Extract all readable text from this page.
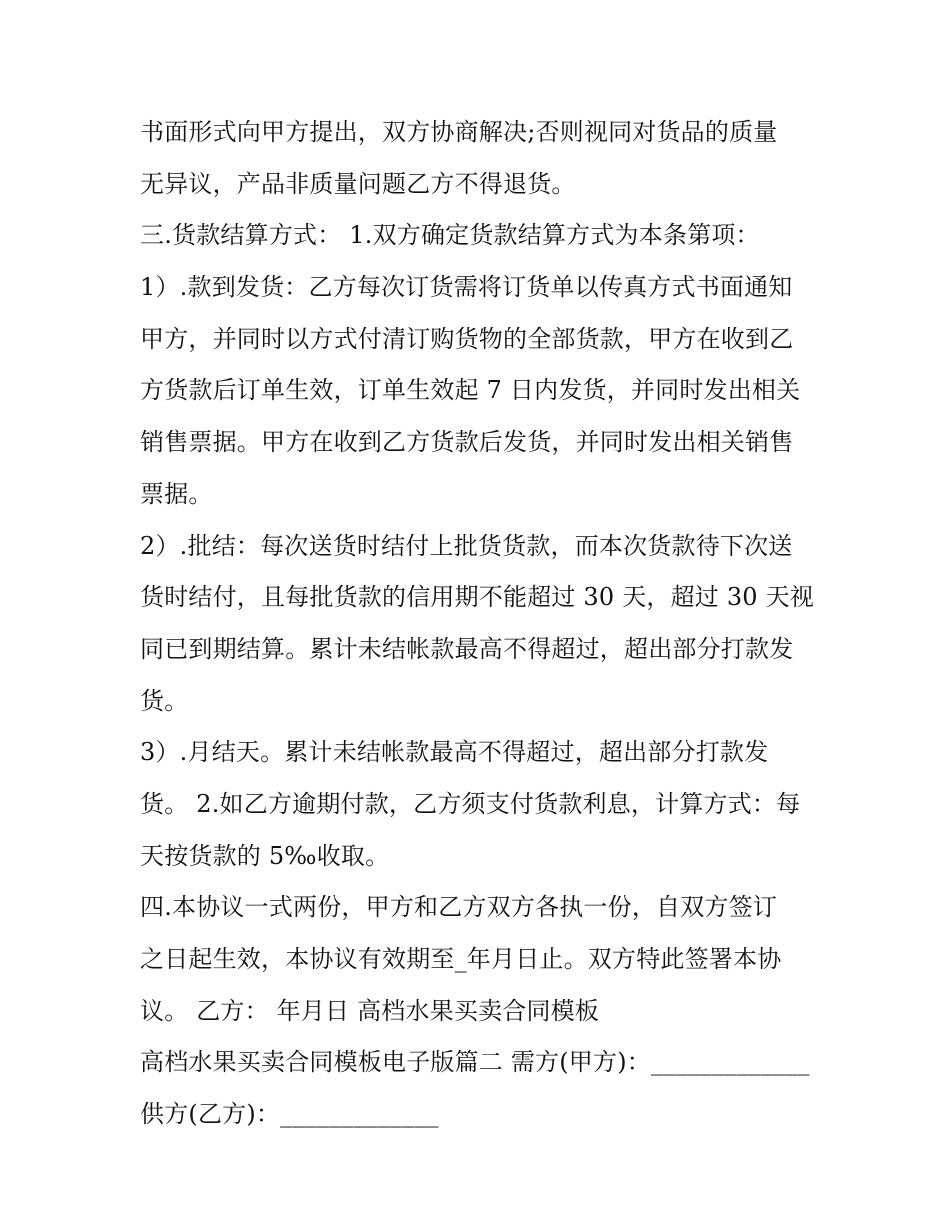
书面形式向甲方提出，双方协商解决;否则视同对货品的质量
无异议，产品非质量问题乙方不得退货。
三.货款结算方式： 1.双方确定货款结算方式为本条第项：
1）.款到发货：乙方每次订货需将订货单以传真方式书面通知
甲方，并同时以方式付清订购货物的全部货款，甲方在收到乙
方货款后订单生效，订单生效起 7 日内发货，并同时发出相关
销售票据。甲方在收到乙方货款后发货，并同时发出相关销售
票据。
2）.批结：每次送货时结付上批货货款，而本次货款待下次送
货时结付，且每批货款的信用期不能超过 30 天，超过 30 天视
同已到期结算。累计未结帐款最高不得超过，超出部分打款发
货。
3）.月结天。累计未结帐款最高不得超过，超出部分打款发
货。 2.如乙方逾期付款，乙方须支付货款利息，计算方式：每
天按货款的 5‰收取。
四.本协议一式两份，甲方和乙方双方各执一份，自双方签订
之日起生效，本协议有效期至_年月日止。双方特此签署本协
议。 乙方： 年月日 高档水果买卖合同模板
高档水果买卖合同模板电子版篇二 需方(甲方)：_____________
供方(乙方)：_____________
